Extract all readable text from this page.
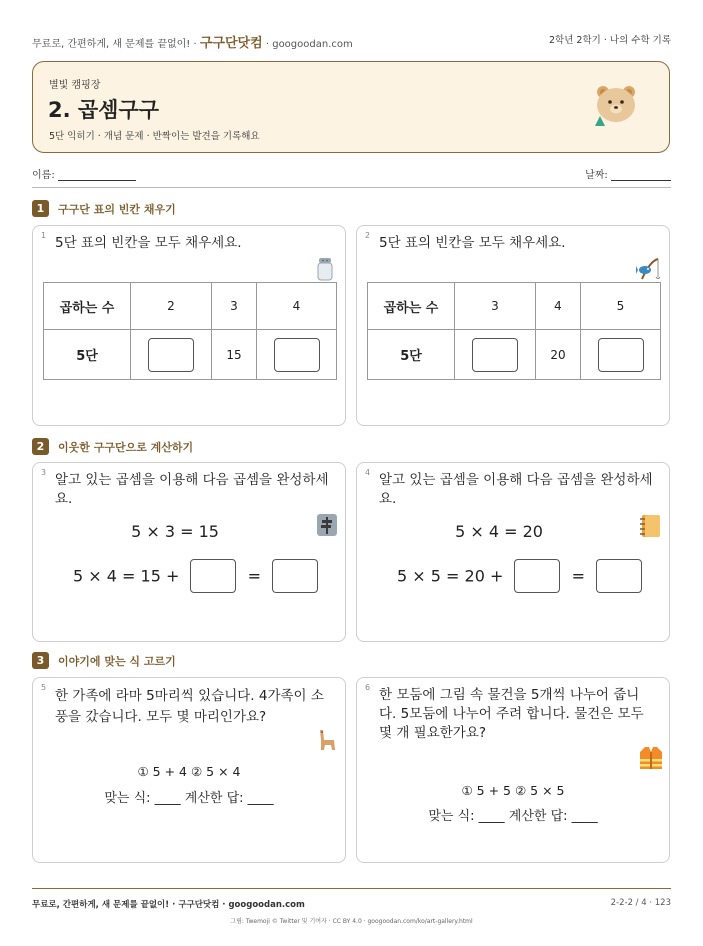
무료로, 간편하게, 새 문제를 끝없이! · 구구단닷컴 · googoodan.com	2학년 2학기 · 나의 수학 기록
별빛 캠핑장
2. 곱셈구구
5단 익히기 · 개념 문제 · 반짝이는 발견을 기록해요
이름:	날짜:
1	구구단 표의 빈칸 채우기
1 5단 표의 빈칸을 모두 채우세요.
곱하는 수	2	3	4
5단		15	
2 5단 표의 빈칸을 모두 채우세요.
곱하는 수	3	4	5
5단		20	
2	이웃한 구구단으로 계산하기
3 알고 있는 곱셈을 이용해 다음 곱셈을 완성하세요.
5 × 3 = 15
5 × 4 = 15 +	=
4 알고 있는 곱셈을 이용해 다음 곱셈을 완성하세요.
5 × 4 = 20
5 × 5 = 20 +	=
3	이야기에 맞는 식 고르기
5
한 가족에 라마 5마리씩 있습니다. 4가족이 소풍을 갔습니다. 모두 몇 마리인가요?
① 5 + 4 ② 5 × 4
맞는 식: ____ 계산한 답: ____
6 한 모둠에 그림 속 물건을 5개씩 나누어 줍니다. 5모둠에 나누어 주려 합니다. 물건은 모두 몇 개 필요한가요?
① 5 + 5 ② 5 × 5
맞는 식: ____ 계산한 답: ____
무료로, 간편하게, 새 문제를 끝없이! · 구구단닷컴 · googoodan.com	2-2-2 / 4 · 123
그림: Twemoji © Twitter 및 기여자 · CC BY 4.0 · googoodan.com/ko/art-gallery.html
